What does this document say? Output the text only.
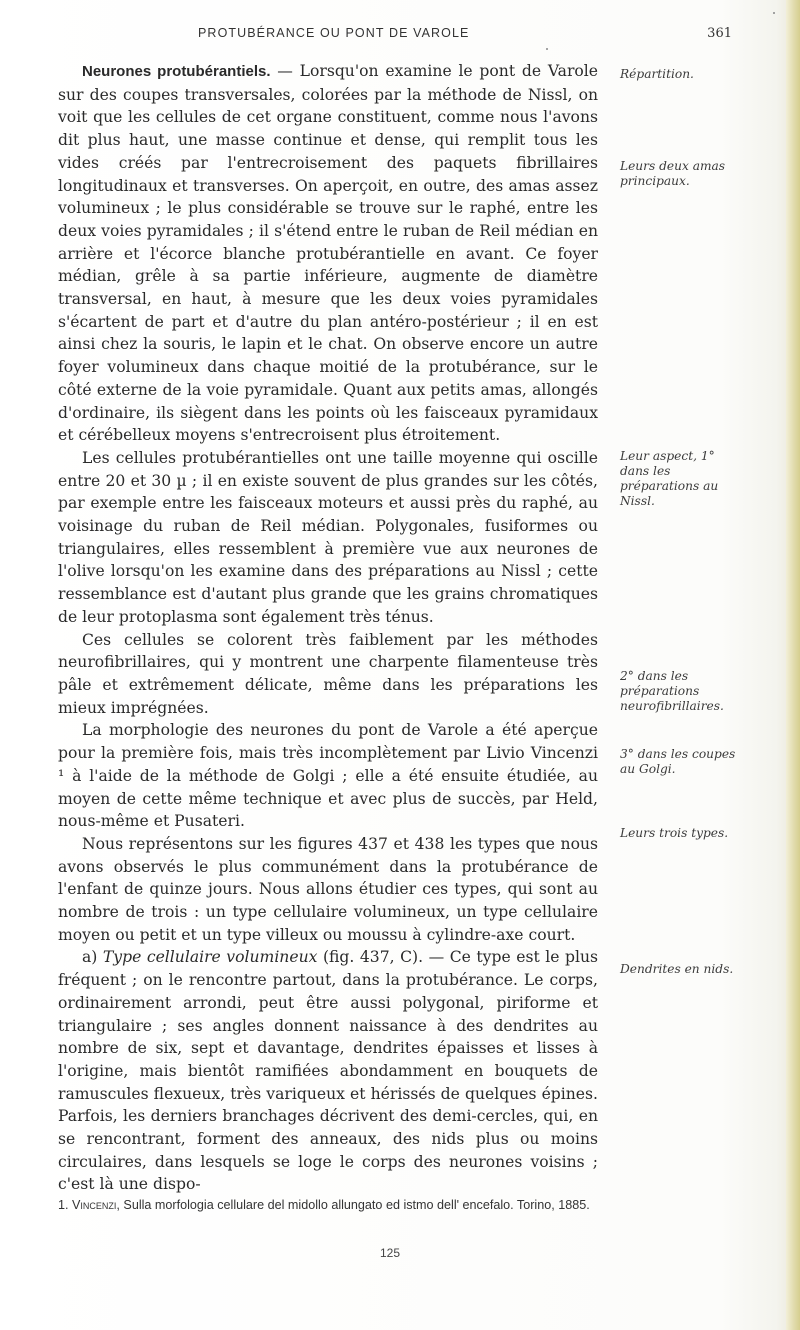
PROTUBÉRANCE OU PONT DE VAROLE	361

Neurones protubérantiels. — Lorsqu'on examine le pont de Varole sur des coupes transversales, colorées par la méthode de Nissl, on voit que les cellules de cet organe constituent, comme nous l'avons dit plus haut, une masse continue et dense, qui remplit tous les vides créés par l'entrecroisement des paquets fibrillaires longitudinaux et transverses. On aperçoit, en outre, des amas assez volumineux ; le plus considérable se trouve sur le raphé, entre les deux voies pyramidales ; il s'étend entre le ruban de Reil médian en arrière et l'écorce blanche protubérantielle en avant. Ce foyer médian, grêle à sa partie inférieure, augmente de diamètre transversal, en haut, à mesure que les deux voies pyramidales s'écartent de part et d'autre du plan antéro-postérieur ; il en est ainsi chez la souris, le lapin et le chat. On observe encore un autre foyer volumineux dans chaque moitié de la protubérance, sur le côté externe de la voie pyramidale. Quant aux petits amas, allongés d'ordinaire, ils siègent dans les points où les faisceaux pyramidaux et cérébelleux moyens s'entrecroisent plus étroitement.

Les cellules protubérantielles ont une taille moyenne qui oscille entre 20 et 30 µ ; il en existe souvent de plus grandes sur les côtés, par exemple entre les faisceaux moteurs et aussi près du raphé, au voisinage du ruban de Reil médian. Polygonales, fusiformes ou triangulaires, elles ressemblent à première vue aux neurones de l'olive lorsqu'on les examine dans des préparations au Nissl ; cette ressemblance est d'autant plus grande que les grains chromatiques de leur protoplasma sont également très ténus.

Ces cellules se colorent très faiblement par les méthodes neurofibrillaires, qui y montrent une charpente filamenteuse très pâle et extrêmement délicate, même dans les préparations les mieux imprégnées.

La morphologie des neurones du pont de Varole a été aperçue pour la première fois, mais très incomplètement par Livio Vincenzi ¹ à l'aide de la méthode de Golgi ; elle a été ensuite étudiée, au moyen de cette même technique et avec plus de succès, par Held, nous-même et Pusateri.

Nous représentons sur les figures 437 et 438 les types que nous avons observés le plus communément dans la protubérance de l'enfant de quinze jours. Nous allons étudier ces types, qui sont au nombre de trois : un type cellulaire volumineux, un type cellulaire moyen ou petit et un type villeux ou moussu à cylindre-axe court.

a) Type cellulaire volumineux (fig. 437, C). — Ce type est le plus fréquent ; on le rencontre partout, dans la protubérance. Le corps, ordinairement arrondi, peut être aussi polygonal, piriforme et triangulaire ; ses angles donnent naissance à des dendrites au nombre de six, sept et davantage, dendrites épaisses et lisses à l'origine, mais bientôt ramifiées abondamment en bouquets de ramuscules flexueux, très variqueux et hérissés de quelques épines. Parfois, les derniers branchages décrivent des demi-cercles, qui, en se rencontrant, forment des anneaux, des nids plus ou moins circulaires, dans lesquels se loge le corps des neurones voisins ; c'est là une dispo-

Répartition.
Leurs deux amas principaux.
Leur aspect, 1° dans les préparations au Nissl.
2° dans les préparations neurofibrillaires.
3° dans les coupes au Golgi.
Leurs trois types.
Dendrites en nids.
1. Vincenzi, Sulla morfologia cellulare del midollo allungato ed istmo dell' encefalo. Torino, 1885.
125
